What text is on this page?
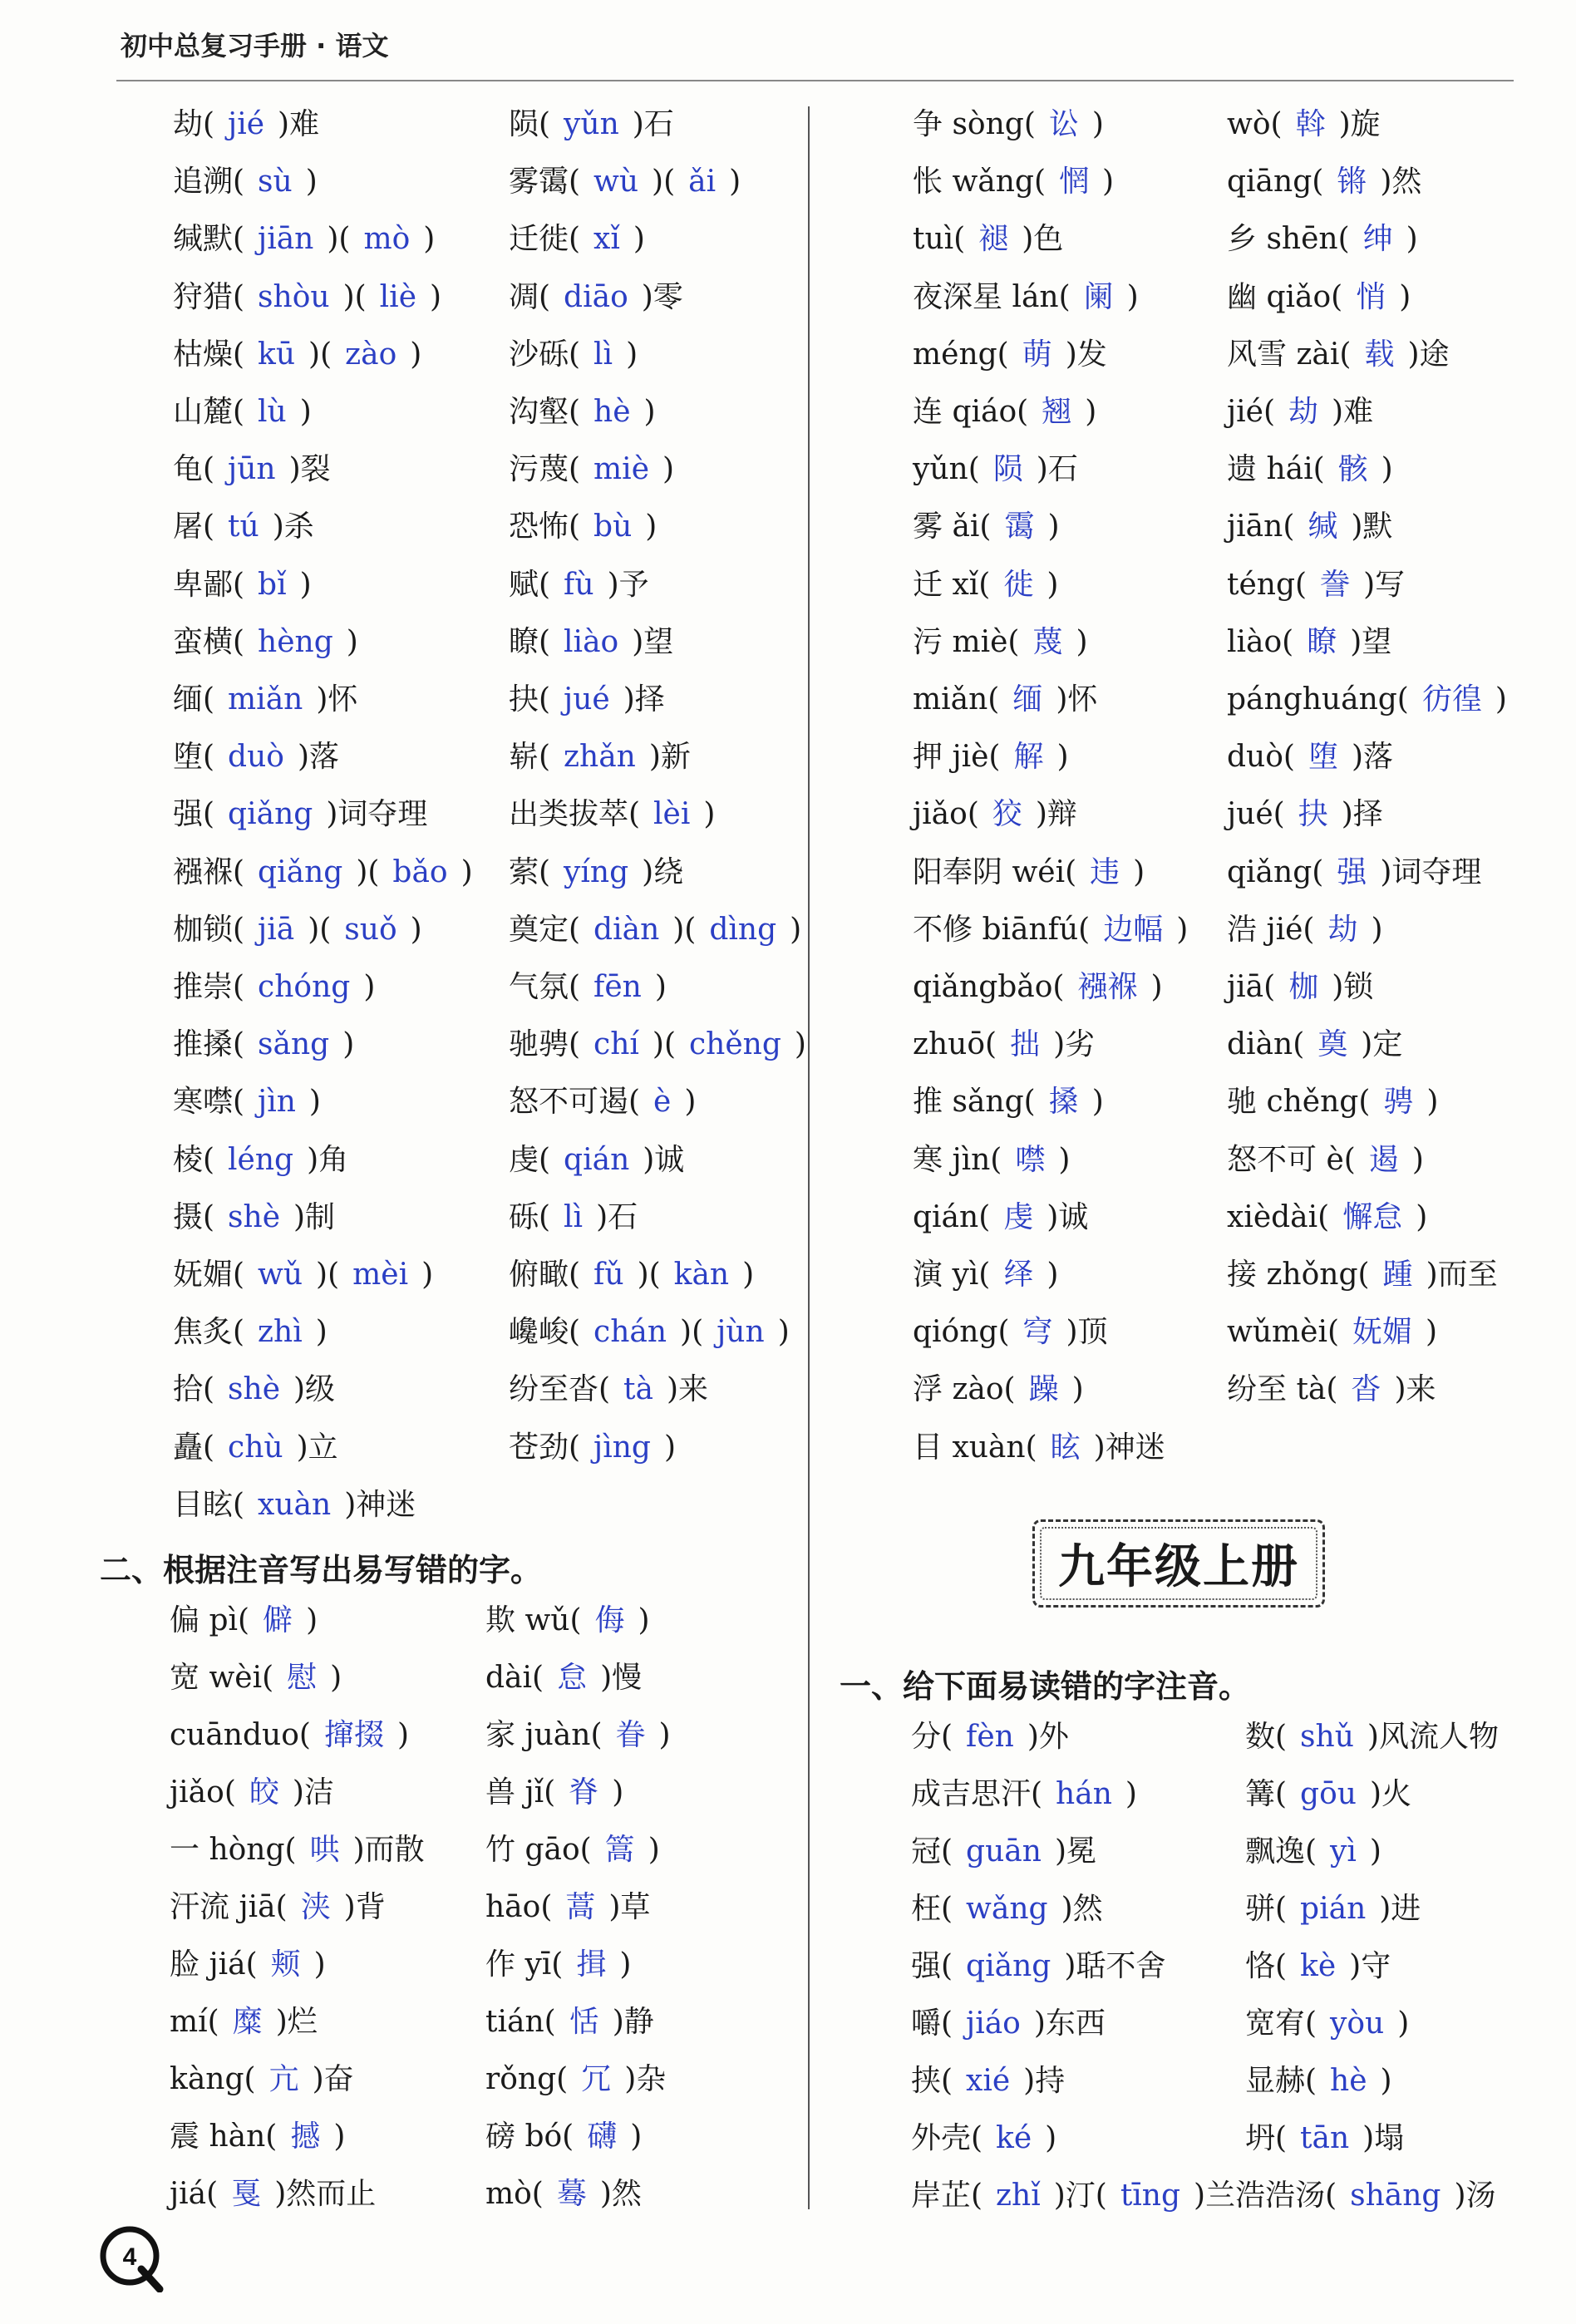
初中总复习手册 · 语文
劫( jié )难
追溯( sù )
缄默( jiān )( mò )
狩猎( shòu )( liè )
枯燥( kū )( zào )
山麓( lù )
龟( jūn )裂
屠( tú )杀
卑鄙( bǐ )
蛮横( hèng )
缅( miǎn )怀
堕( duò )落
强( qiǎng )词夺理
襁褓( qiǎng )( bǎo )
枷锁( jiā )( suǒ )
推崇( chóng )
推搡( sǎng )
寒噤( jìn )
棱( léng )角
摄( shè )制
妩媚( wǔ )( mèi )
焦炙( zhì )
拾( shè )级
矗( chù )立
目眩( xuàn )神迷
陨( yǔn )石
雾霭( wù )( ǎi )
迁徙( xǐ )
凋( diāo )零
沙砾( lì )
沟壑( hè )
污蔑( miè )
恐怖( bù )
赋( fù )予
瞭( liào )望
抉( jué )择
崭( zhǎn )新
出类拔萃( lèi )
萦( yíng )绕
奠定( diàn )( dìng )
气氛( fēn )
驰骋( chí )( chěng )
怒不可遏( è )
虔( qián )诚
砾( lì )石
俯瞰( fǔ )( kàn )
巉峻( chán )( jùn )
纷至沓( tà )来
苍劲( jìng )
争 sòng( 讼 )
怅 wǎng( 惘 )
tuì( 褪 )色
夜深星 lán( 阑 )
méng( 萌 )发
连 qiáo( 翘 )
yǔn( 陨 )石
雾 ǎi( 霭 )
迁 xǐ( 徙 )
污 miè( 蔑 )
miǎn( 缅 )怀
押 jiè( 解 )
jiǎo( 狡 )辩
阳奉阴 wéi( 违 )
不修 biānfú( 边幅 )
qiǎngbǎo( 襁褓 )
zhuō( 拙 )劣
推 sǎng( 搡 )
寒 jìn( 噤 )
qián( 虔 )诚
演 yì( 绎 )
qióng( 穹 )顶
浮 zào( 躁 )
目 xuàn( 眩 )神迷
wò( 斡 )旋
qiāng( 锵 )然
乡 shēn( 绅 )
幽 qiǎo( 悄 )
风雪 zài( 载 )途
jié( 劫 )难
遗 hái( 骸 )
jiān( 缄 )默
téng( 誊 )写
liào( 瞭 )望
pánghuáng( 彷徨 )
duò( 堕 )落
jué( 抉 )择
qiǎng( 强 )词夺理
浩 jié( 劫 )
jiā( 枷 )锁
diàn( 奠 )定
驰 chěng( 骋 )
怒不可 è( 遏 )
xièdài( 懈怠 )
接 zhǒng( 踵 )而至
wǔmèi( 妩媚 )
纷至 tà( 沓 )来
偏 pì( 僻 )
宽 wèi( 慰 )
cuānduo( 撺掇 )
jiǎo( 皎 )洁
一 hòng( 哄 )而散
汗流 jiā( 浃 )背
脸 jiá( 颊 )
mí( 糜 )烂
kàng( 亢 )奋
震 hàn( 撼 )
jiá( 戛 )然而止
欺 wǔ( 侮 )
dài( 怠 )慢
家 juàn( 眷 )
兽 jǐ( 脊 )
竹 gāo( 篙 )
hāo( 蒿 )草
作 yī( 揖 )
tián( 恬 )静
rǒng( 冗 )杂
磅 bó( 礴 )
mò( 蓦 )然
分( fèn )外
成吉思汗( hán )
冠( guān )冕
枉( wǎng )然
强( qiǎng )聒不舍
嚼( jiáo )东西
挟( xié )持
外壳( ké )
岸芷( zhǐ )汀( tīng )兰浩浩汤( shāng )汤
数( shǔ )风流人物
篝( gōu )火
飘逸( yì )
骈( pián )进
恪( kè )守
宽宥( yòu )
显赫( hè )
坍( tān )塌
二、根据注音写出易写错的字。	九年级上册
一、给下面易读错的字注音。
4
